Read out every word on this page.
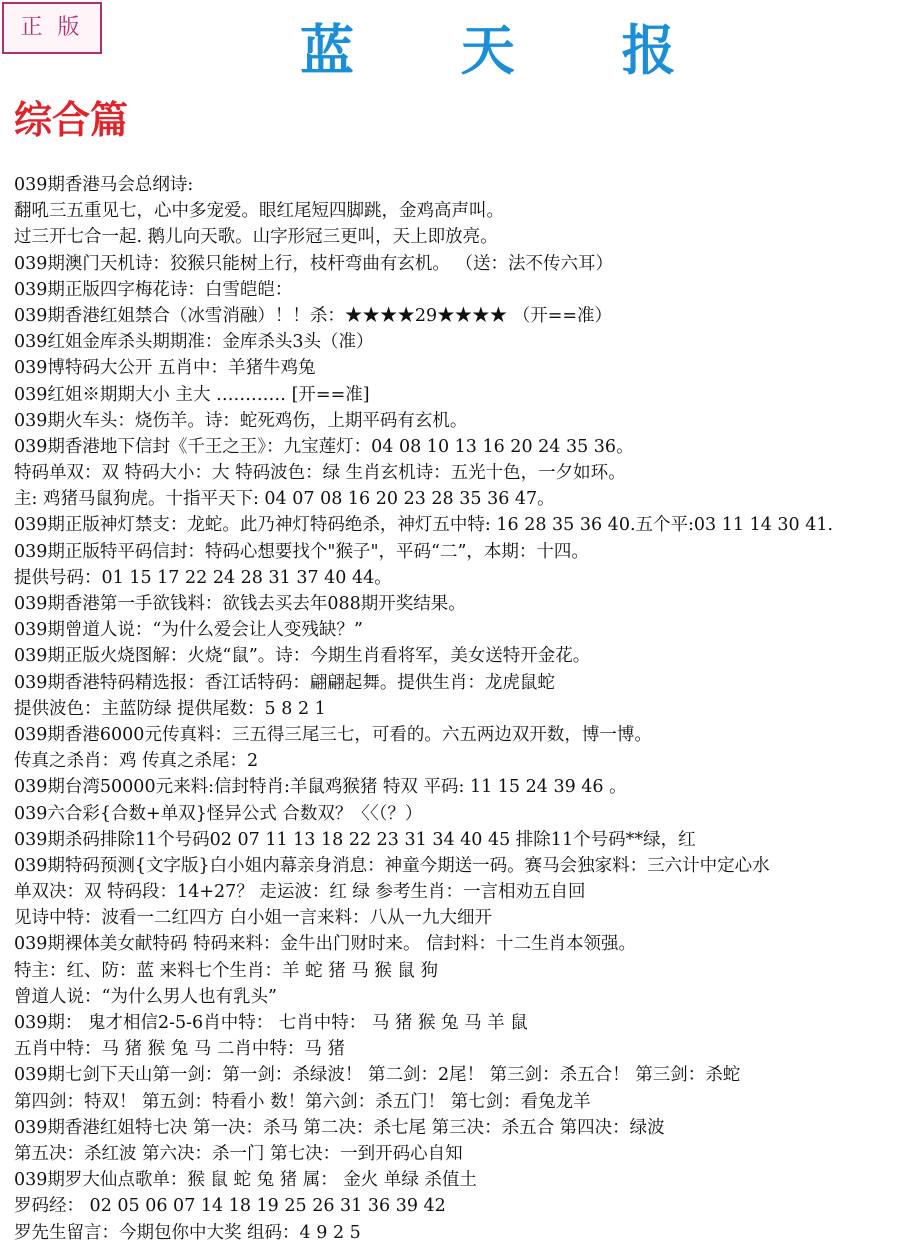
正 版	蓝 天 报
综合篇
039期香港马会总纲诗:
翻吼三五重见七，心中多宠爱。眼红尾短四脚跳，金鸡高声叫。
过三开七合一起. 鹅儿向天歌。山字形冠三更叫，天上即放亮。
039期澳门天机诗：狡猴只能树上行，枝杆弯曲有玄机。 （送：法不传六耳）
039期正版四字梅花诗：白雪皑皑：
039期香港红姐禁合（冰雪消融）！！杀：★★★★29★★★★ （开==准）
039红姐金库杀头期期准：金库杀头3头（准）
039博特码大公开 五肖中：羊猪牛鸡兔
039红姐※期期大小 主大 ………… [开==准]
039期火车头：烧伤羊。诗：蛇死鸡伤，上期平码有玄机。
039期香港地下信封《千王之王》：九宝莲灯：04 08 10 13 16 20 24 35 36。
特码单双：双 特码大小：大 特码波色：绿 生肖玄机诗：五光十色，一夕如环。
主: 鸡猪马鼠狗虎。十指平天下: 04 07 08 16 20 23 28 35 36 47。
039期正版神灯禁支：龙蛇。此乃神灯特码绝杀，神灯五中特: 16 28 35 36 40.五个平:03 11 14 30 41.
039期正版特平码信封：特码心想要找个"猴子"，平码“二”，本期：十四。
提供号码：01 15 17 22 24 28 31 37 40 44。
039期香港第一手欲钱料：欲钱去买去年088期开奖结果。
039期曾道人说：“为什么爱会让人变残缺？”
039期正版火烧图解：火烧“鼠”。诗：今期生肖看将军，美女送特开金花。
039期香港特码精选报：香江话特码：翩翩起舞。提供生肖：龙虎鼠蛇
提供波色：主蓝防绿 提供尾数：5 8 2 1
039期香港6000元传真料：三五得三尾三七，可看的。六五两边双开数，博一博。
传真之杀肖：鸡 传真之杀尾：2
039期台湾50000元来料:信封特肖:羊鼠鸡猴猪 特双 平码: 11 15 24 39 46 。
039六合彩{合数+单双}怪异公式 合数双？〈〈（？）
039期杀码排除11个号码02 07 11 13 18 22 23 31 34 40 45 排除11个号码**绿，红
039期特码预测{文字版}白小姐内幕亲身消息：神童今期送一码。赛马会独家料：三六计中定心水
单双决：双 特码段：14+27？ 走运波：红 绿 参考生肖：一言相劝五自回
见诗中特：波看一二红四方 白小姐一言来料：八从一九大细开
039期裸体美女献特码 特码来料：金牛出门财时来。 信封料：十二生肖本领强。
特主：红、防：蓝 来料七个生肖：羊 蛇 猪 马 猴 鼠 狗
曾道人说：“为什么男人也有乳头”
039期： 鬼才相信2-5-6肖中特： 七肖中特： 马 猪 猴 兔 马 羊 鼠
五肖中特：马 猪 猴 兔 马 二肖中特：马 猪
039期七剑下天山第一剑：第一剑：杀绿波！ 第二剑：2尾！ 第三剑：杀五合！ 第三剑：杀蛇
第四剑：特双！ 第五剑：特看小 数！第六剑：杀五门！ 第七剑：看兔龙羊
039期香港红姐特七决 第一决：杀马 第二决：杀七尾 第三决：杀五合 第四决：绿波
第五决：杀红波 第六决：杀一门 第七决：一到开码心自知
039期罗大仙点歌单：猴 鼠 蛇 兔 猪 属： 金火 单绿 杀值土
罗码经： 02 05 06 07 14 18 19 25 26 31 36 39 42
罗先生留言：今期包你中大奖 组码：4 9 2 5
